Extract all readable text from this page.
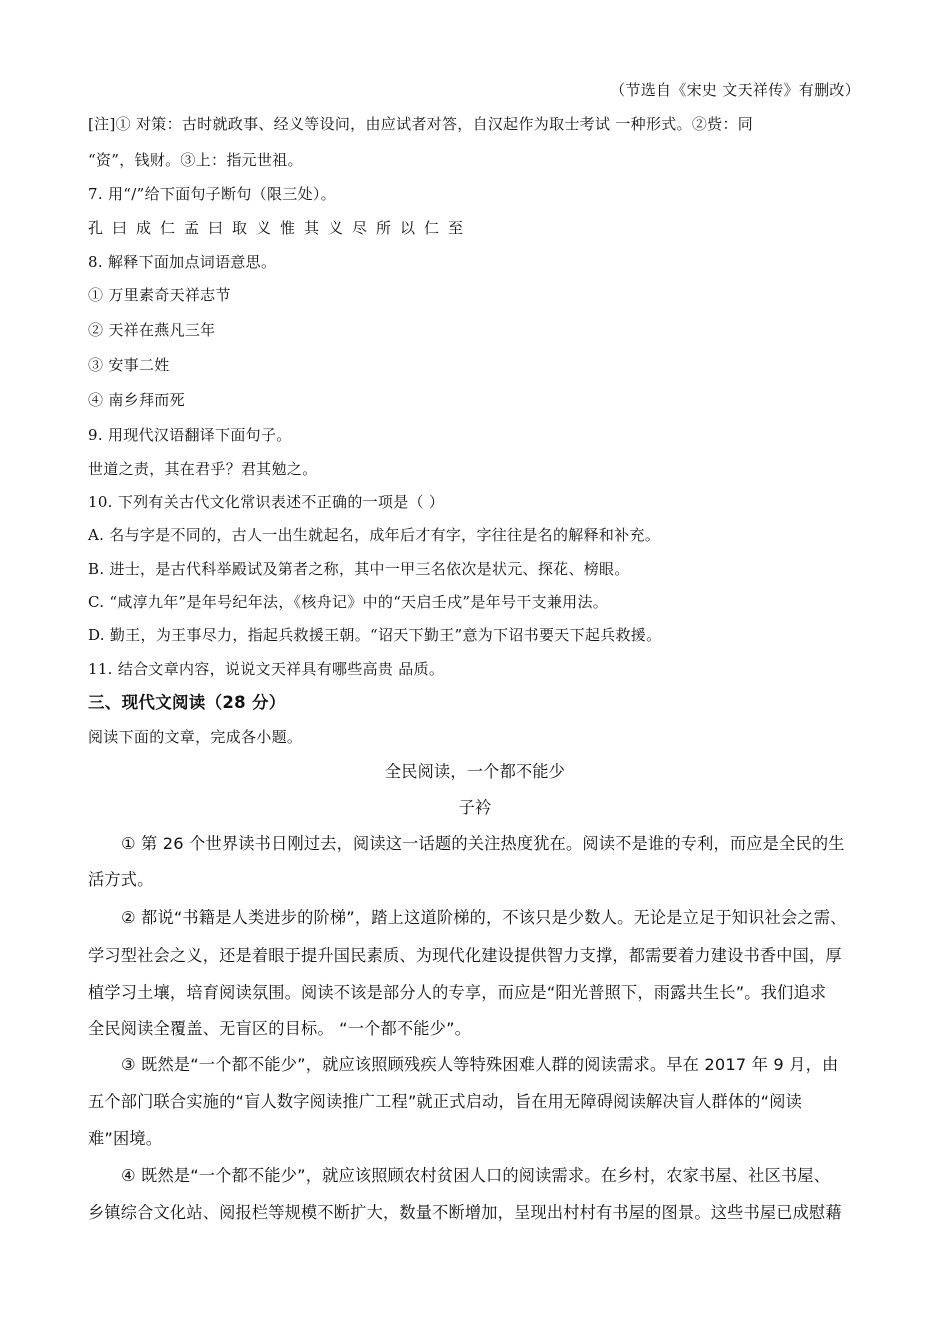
（节选自《宋史 文天祥传》有删改）
[注]① 对策：古时就政事、经义等设问，由应试者对答，自汉起作为取士考试 一种形式。②赀：同
“资”，钱财。③上：指元世祖。
7. 用“/”给下面句子断句（限三处）。
孔曰成仁孟曰取义惟其义尽所以仁至
8. 解释下面加点词语意思。
① 万里素奇天祥志节
② 天祥在燕凡三年
③ 安事二姓
④ 南乡拜而死
9. 用现代汉语翻译下面句子。
世道之责，其在君乎？君其勉之。
10. 下列有关古代文化常识表述不正确的一项是（ ）
A. 名与字是不同的，古人一出生就起名，成年后才有字，字往往是名的解释和补充。
B. 进士，是古代科举殿试及第者之称，其中一甲三名依次是状元、探花、榜眼。
C. “咸淳九年”是年号纪年法，《核舟记》中的“天启壬戌”是年号干支兼用法。
D. 勤王，为王事尽力，指起兵救援王朝。“诏天下勤王”意为下诏书要天下起兵救援。
11. 结合文章内容，说说文天祥具有哪些高贵 品质。
三、现代文阅读（28 分）
阅读下面的文章，完成各小题。
全民阅读，一个都不能少
子衿
① 第 26 个世界读书日刚过去，阅读这一话题的关注热度犹在。阅读不是谁的专利，而应是全民的生
活方式。
② 都说“书籍是人类进步的阶梯”，踏上这道阶梯的，不该只是少数人。无论是立足于知识社会之需、
学习型社会之义，还是着眼于提升国民素质、为现代化建设提供智力支撑，都需要着力建设书香中国，厚
植学习土壤，培育阅读氛围。阅读不该是部分人的专享，而应是“阳光普照下，雨露共生长”。我们追求
全民阅读全覆盖、无盲区的目标。 “一个都不能少”。
③ 既然是“一个都不能少”，就应该照顾残疾人等特殊困难人群的阅读需求。早在 2017 年 9 月，由
五个部门联合实施的“盲人数字阅读推广工程”就正式启动，旨在用无障碍阅读解决盲人群体的“阅读
难”困境。
④ 既然是“一个都不能少”，就应该照顾农村贫困人口的阅读需求。在乡村，农家书屋、社区书屋、
乡镇综合文化站、阅报栏等规模不断扩大，数量不断增加，呈现出村村有书屋的图景。这些书屋已成慰藉
